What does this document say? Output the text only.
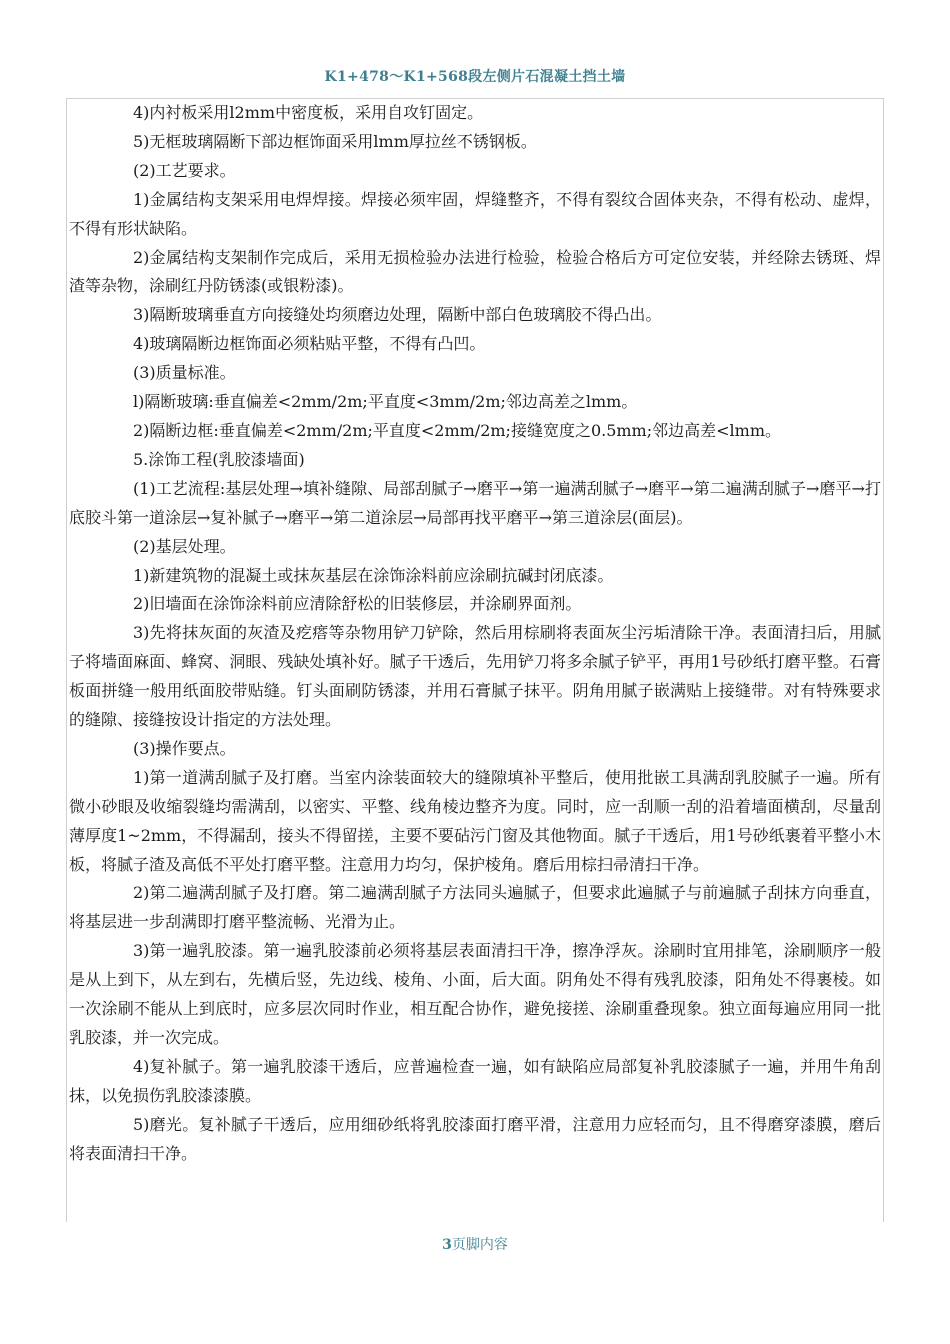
K1+478～K1+568段左侧片石混凝土挡土墙

4)内衬板采用l2mm中密度板，采用自攻钉固定。

5)无框玻璃隔断下部边框饰面采用lmm厚拉丝不锈钢板。

(2)工艺要求。

1)金属结构支架采用电焊焊接。焊接必须牢固，焊缝整齐，不得有裂纹合固体夹杂，不得有松动、虚焊，不得有形状缺陷。

2)金属结构支架制作完成后，采用无损检验办法进行检验，检验合格后方可定位安装，并经除去锈斑、焊渣等杂物，涂刷红丹防锈漆(或银粉漆)。

3)隔断玻璃垂直方向接缝处均须磨边处理，隔断中部白色玻璃胶不得凸出。

4)玻璃隔断边框饰面必须粘贴平整，不得有凸凹。

(3)质量标准。

l)隔断玻璃:垂直偏差<2mm/2m;平直度<3mm/2m;邻边高差之lmm。

2)隔断边框:垂直偏差<2mm/2m;平直度<2mm/2m;接缝宽度之0.5mm;邻边高差<lmm。

5.涂饰工程(乳胶漆墙面)

(1)工艺流程:基层处理→填补缝隙、局部刮腻子→磨平→第一遍满刮腻子→磨平→第二遍满刮腻子→磨平→打底胶斗第一道涂层→复补腻子→磨平→第二道涂层→局部再找平磨平→第三道涂层(面层)。

(2)基层处理。

1)新建筑物的混凝土或抹灰基层在涂饰涂料前应涂刷抗碱封闭底漆。

2)旧墙面在涂饰涂料前应清除舒松的旧装修层，并涂刷界面剂。

3)先将抹灰面的灰渣及疙瘩等杂物用铲刀铲除，然后用棕刷将表面灰尘污垢清除干净。表面清扫后，用腻子将墙面麻面、蜂窝、洞眼、残缺处填补好。腻子干透后，先用铲刀将多余腻子铲平，再用1号砂纸打磨平整。石膏板面拼缝一般用纸面胶带贴缝。钉头面刷防锈漆，并用石膏腻子抹平。阴角用腻子嵌满贴上接缝带。对有特殊要求的缝隙、接缝按设计指定的方法处理。

(3)操作要点。

1)第一道满刮腻子及打磨。当室内涂装面较大的缝隙填补平整后，使用批嵌工具满刮乳胶腻子一遍。所有微小砂眼及收缩裂缝均需满刮，以密实、平整、线角棱边整齐为度。同时，应一刮顺一刮的沿着墙面横刮，尽量刮薄厚度1~2mm，不得漏刮，接头不得留搓，主要不要砧污门窗及其他物面。腻子干透后，用1号砂纸裹着平整小木板，将腻子渣及高低不平处打磨平整。注意用力均匀，保护棱角。磨后用棕扫帚清扫干净。

2)第二遍满刮腻子及打磨。第二遍满刮腻子方法同头遍腻子，但要求此遍腻子与前遍腻子刮抹方向垂直，将基层进一步刮满即打磨平整流畅、光滑为止。

3)第一遍乳胶漆。第一遍乳胶漆前必须将基层表面清扫干净，擦净浮灰。涂刷时宜用排笔，涂刷顺序一般是从上到下，从左到右，先横后竖，先边线、棱角、小面，后大面。阴角处不得有残乳胶漆，阳角处不得裹棱。如一次涂刷不能从上到底时，应多层次同时作业，相互配合协作，避免接搓、涂刷重叠现象。独立面每遍应用同一批乳胶漆，并一次完成。

4)复补腻子。第一遍乳胶漆干透后，应普遍检查一遍，如有缺陷应局部复补乳胶漆腻子一遍，并用牛角刮抹，以免损伤乳胶漆漆膜。

5)磨光。复补腻子干透后，应用细砂纸将乳胶漆面打磨平滑，注意用力应轻而匀，且不得磨穿漆膜，磨后将表面清扫干净。

3页脚内容
